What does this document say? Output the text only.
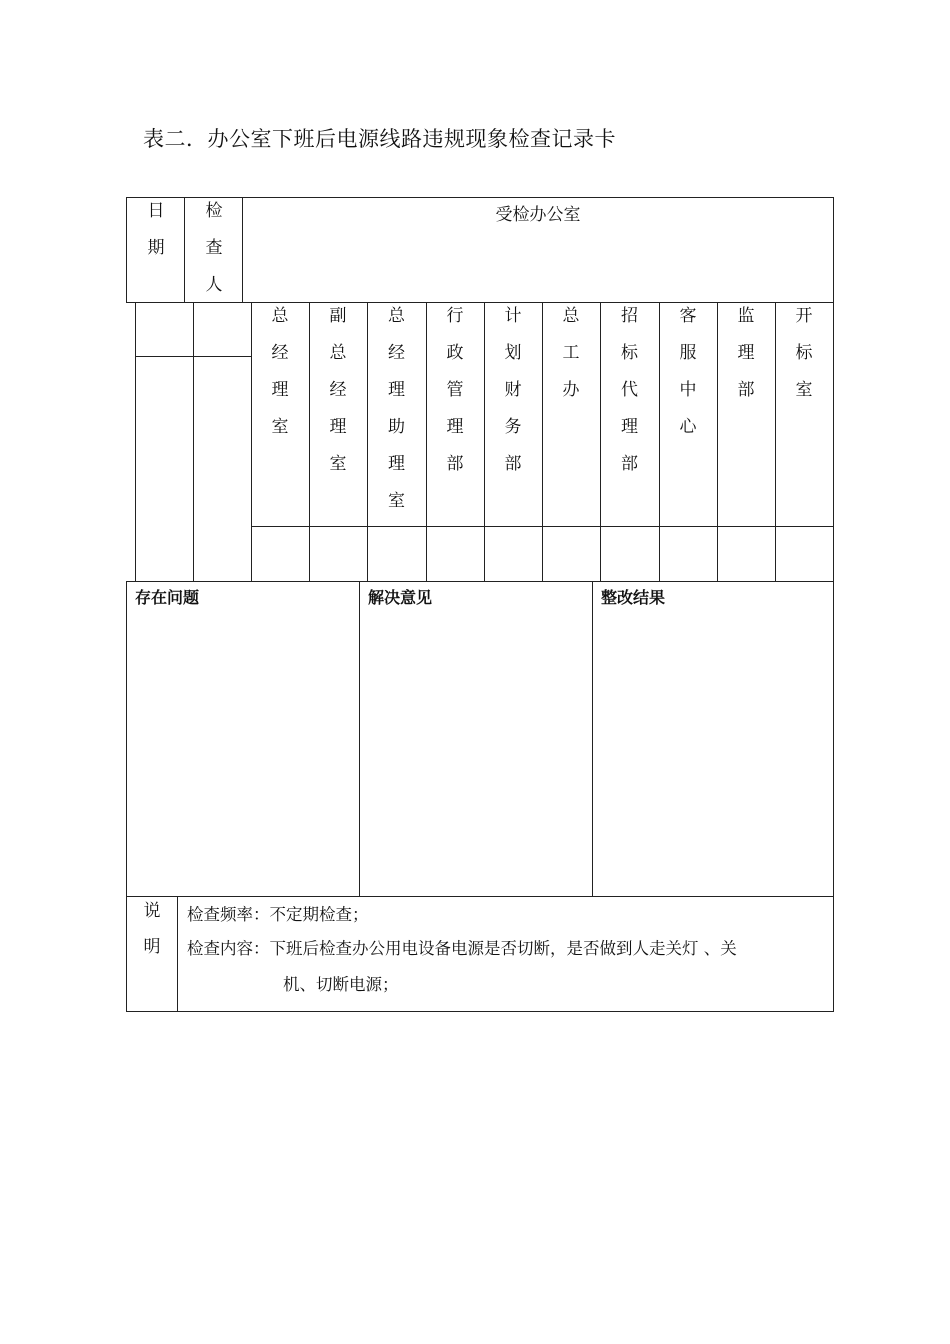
表二．办公室下班后电源线路违规现象检查记录卡
日
期
检
查
人
受检办公室
总
经
理
室
副
总
经
理
室
总
经
理
助
理
室
行
政
管
理
部
计
划
财
务
部
总
工
办
招
标
代
理
部
客
服
中
心
监
理
部
开
标
室
存在问题	解决意见	整改结果
说
明
检查频率：不定期检查；
检查内容：下班后检查办公用电设备电源是否切断，是否做到人走关灯 、关
机、切断电源；
